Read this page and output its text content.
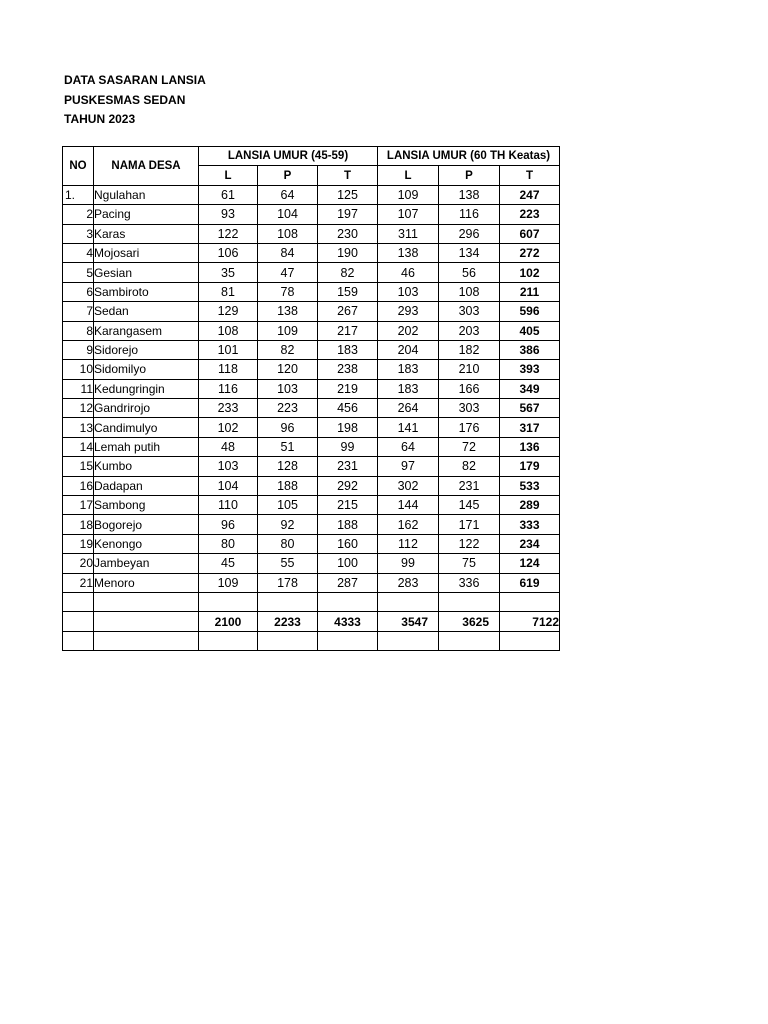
DATA SASARAN LANSIA
PUSKESMAS SEDAN
TAHUN 2023
NO	NAMA DESA	LANSIA UMUR (45-59)			LANSIA UMUR (60 TH Keatas)		
		L	P	T	L	P	T
1.	Ngulahan	61	64	125	109	138	247
2	Pacing	93	104	197	107	116	223
3	Karas	122	108	230	311	296	607
4	Mojosari	106	84	190	138	134	272
5	Gesian	35	47	82	46	56	102
6	Sambiroto	81	78	159	103	108	211
7	Sedan	129	138	267	293	303	596
8	Karangasem	108	109	217	202	203	405
9	Sidorejo	101	82	183	204	182	386
10	Sidomilyo	118	120	238	183	210	393
11	Kedungringin	116	103	219	183	166	349
12	Gandrirojo	233	223	456	264	303	567
13	Candimulyo	102	96	198	141	176	317
14	Lemah putih	48	51	99	64	72	136
15	Kumbo	103	128	231	97	82	179
16	Dadapan	104	188	292	302	231	533
17	Sambong	110	105	215	144	145	289
18	Bogorejo	96	92	188	162	171	333
19	Kenongo	80	80	160	112	122	234
20	Jambeyan	45	55	100	99	75	124
21	Menoro	109	178	287	283	336	619

		2100	2233	4333	3547	3625	7122
